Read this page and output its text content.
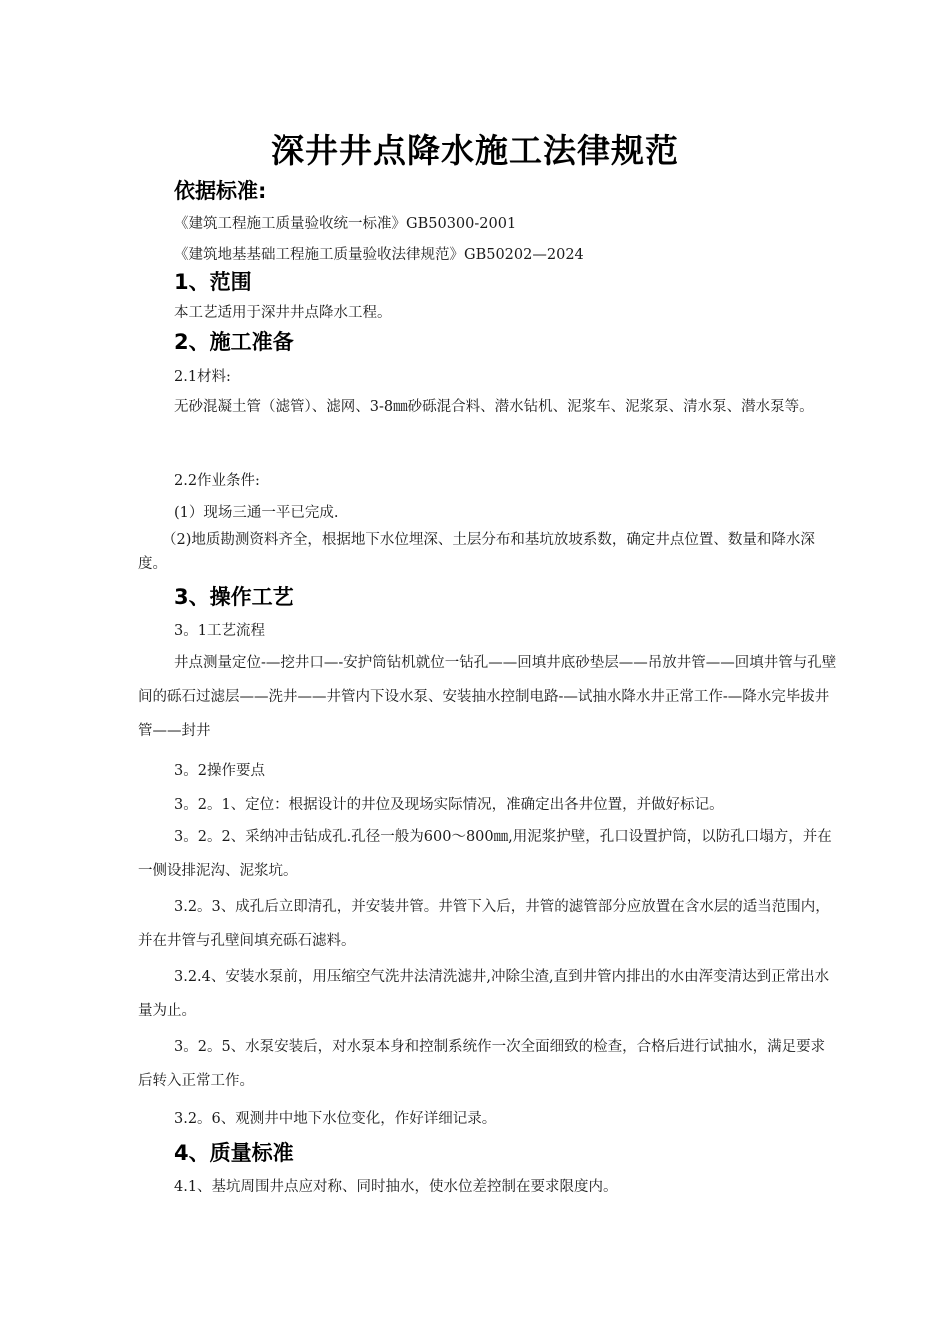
深井井点降水施工法律规范
依据标准:
《建筑工程施工质量验收统一标准》GB50300-2001
《建筑地基基础工程施工质量验收法律规范》GB50202—2024
1、范围
本工艺适用于深井井点降水工程。
2、施工准备
2.1材料:
无砂混凝土管（滤管）、滤网、3-8㎜砂砾混合料、潜水钻机、泥浆车、泥浆泵、清水泵、潜水泵等。
2.2作业条件:
(1）现场三通一平已完成.
（2)地质勘测资料齐全，根据地下水位埋深、土层分布和基坑放坡系数，确定井点位置、数量和降水深度。
3、操作工艺
3。1工艺流程
井点测量定位-—挖井口—-安护筒钻机就位一钻孔——回填井底砂垫层——吊放井管——回填井管与孔壁间的砾石过滤层——洗井——井管内下设水泵、安装抽水控制电路-—试抽水降水井正常工作-—降水完毕拔井管——封井
3。2操作要点
3。2。1、定位：根据设计的井位及现场实际情况，准确定出各井位置，并做好标记。
3。2。2、采纳冲击钻成孔.孔径一般为600～800㎜,用泥浆护壁，孔口设置护筒，以防孔口塌方，并在一侧设排泥沟、泥浆坑。
3.2。3、成孔后立即清孔，并安装井管。井管下入后，井管的滤管部分应放置在含水层的适当范围内，并在井管与孔壁间填充砾石滤料。
3.2.4、安装水泵前，用压缩空气洗井法清洗滤井,冲除尘渣,直到井管内排出的水由浑变清达到正常出水量为止。
3。2。5、水泵安装后，对水泵本身和控制系统作一次全面细致的检查，合格后进行试抽水，满足要求后转入正常工作。
3.2。6、观测井中地下水位变化，作好详细记录。
4、质量标准
4.1、基坑周围井点应对称、同时抽水，使水位差控制在要求限度内。
